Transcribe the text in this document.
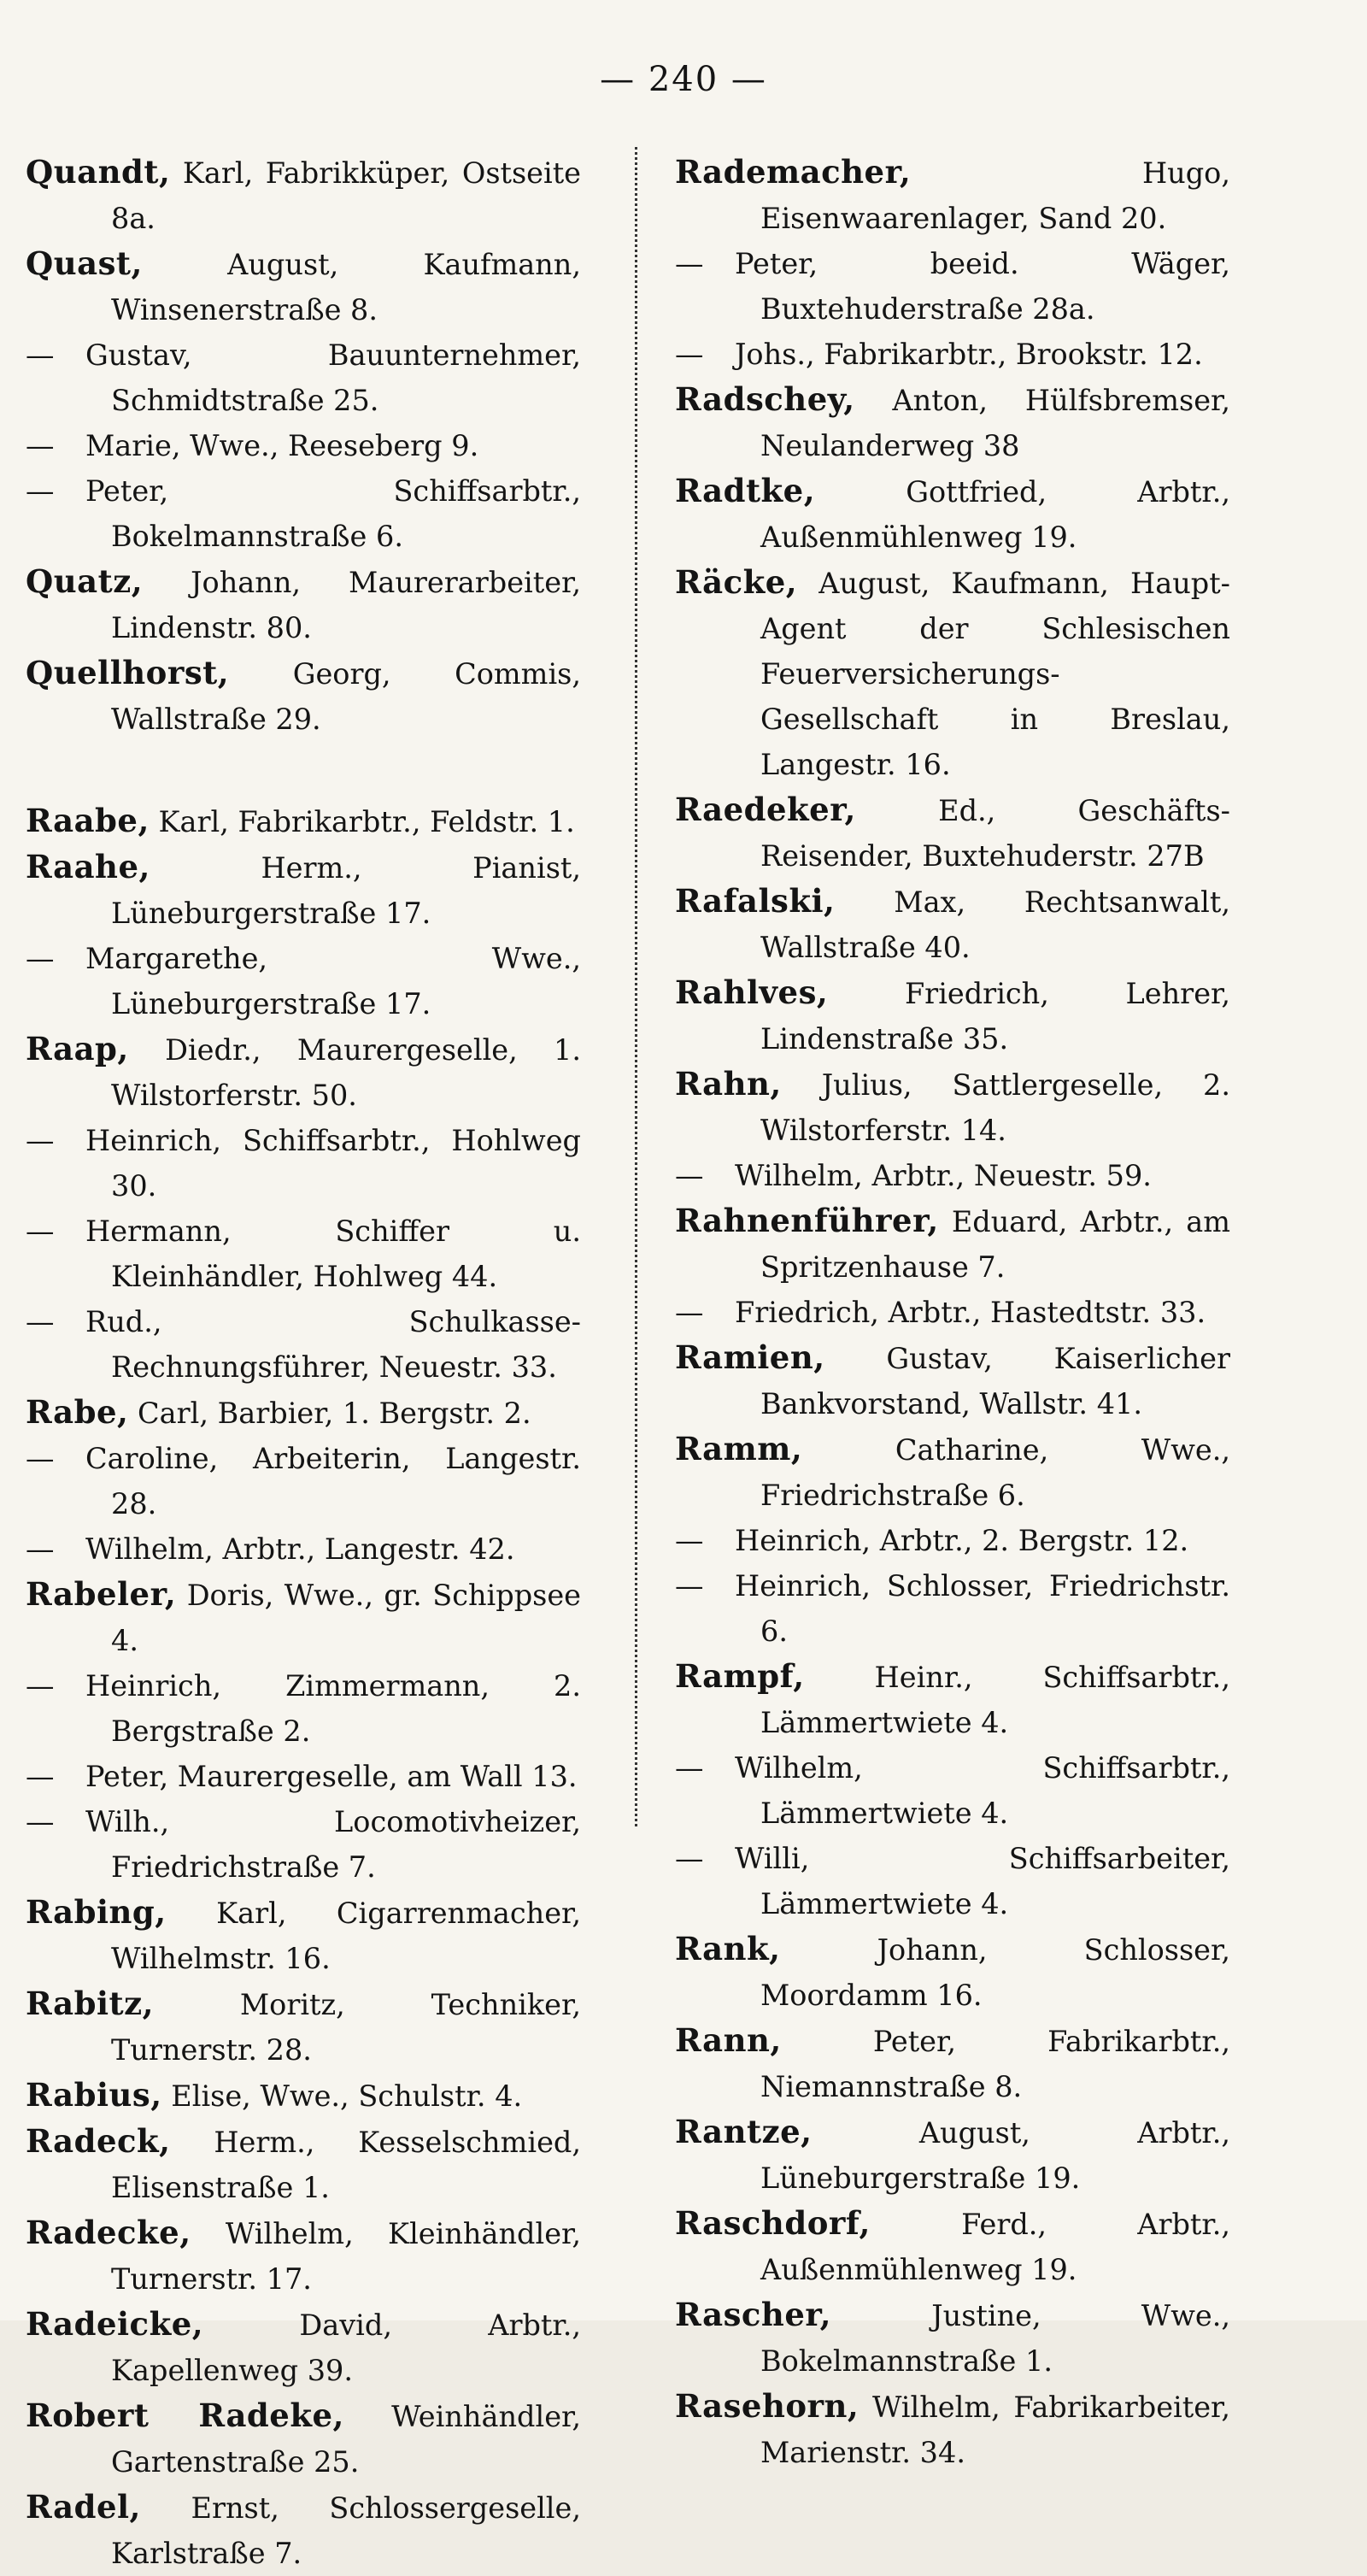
— 240 —

Quandt, Karl, Fabrikküper, Ostseite 8a.

Quast,	August, Kaufmann, Winsenerstraße 8.

— Gustav, Bauunternehmer, Schmidtstraße 25.

— Marie, Wwe., Reeseberg 9.

— Peter, Schiffsarbtr., Bokelmannstraße 6.

Quatz, Johann, Maurerarbeiter, Lindenstr. 80.

Quellhorst, Georg, Commis, Wallstraße 29.

Raabe, Karl, Fabrikarbtr., Feldstr. 1.

Raahe,	Herm., Pianist, Lüneburgerstraße 17.

— Margarethe, Wwe., Lüneburgerstraße 17.

Raap, Diedr., Maurergeselle, 1. Wilstorferstr. 50.

— Heinrich, Schiffsarbtr., Hohlweg 30.

— Hermann, Schiffer u. Kleinhändler, Hohlweg 44.

— Rud., Schulkasse-Rechnungsführer, Neuestr. 33.

Rabe, Carl, Barbier, 1. Bergstr. 2.

— Caroline, Arbeiterin, Langestr. 28.

— Wilhelm, Arbtr., Langestr. 42.

Rabeler, Doris, Wwe., gr. Schippsee 4.

— Heinrich, Zimmermann, 2. Bergstraße 2.

— Peter, Maurergeselle, am Wall 13.

— Wilh., Locomotivheizer, Friedrichstraße 7.

Rabing, Karl, Cigarrenmacher, Wilhelmstr. 16.

Rabitz,	Moritz, Techniker, Turnerstr. 28.

Rabius, Elise, Wwe., Schulstr. 4.

Radeck, Herm., Kesselschmied, Elisenstraße 1.

Radecke, Wilhelm, Kleinhändler, Turnerstr. 17.

Radeicke,	David, Arbtr., Kapellenweg 39.

Robert Radeke, Weinhändler, Gartenstraße 25.

Radel, Ernst, Schlossergeselle, Karlstraße 7.

Rademacher,	Hugo, Eisenwaarenlager, Sand 20.

— Peter, beeid. Wäger, Buxtehuderstraße 28a.

— Johs., Fabrikarbtr., Brookstr. 12.

Radschey, Anton, Hülfsbremser, Neulanderweg 38

Radtke,	Gottfried, Arbtr., Außenmühlenweg 19.

Räcke, August, Kaufmann, Haupt-Agent der Schlesischen Feuerversicherungs-Gesellschaft in Breslau, Langestr. 16.

Raedeker,	Ed., Geschäfts-Reisender, Buxtehuderstr. 27B

Rafalski, Max, Rechtsanwalt, Wallstraße 40.

Rahlves,	Friedrich, Lehrer, Lindenstraße 35.

Rahn, Julius, Sattlergeselle, 2. Wilstorferstr. 14.

— Wilhelm, Arbtr., Neuestr. 59.

Rahnenführer, Eduard, Arbtr., am Spritzenhause 7.

— Friedrich, Arbtr., Hastedtstr. 33.

Ramien, Gustav, Kaiserlicher Bankvorstand, Wallstr. 41.

Ramm,	Catharine, Wwe., Friedrichstraße 6.

— Heinrich, Arbtr., 2. Bergstr. 12.

— Heinrich, Schlosser, Friedrichstr. 6.

Rampf, Heinr., Schiffsarbtr., Lämmertwiete 4.

— Wilhelm, Schiffsarbtr., Lämmertwiete 4.

— Willi, Schiffsarbeiter, Lämmertwiete 4.

Rank,	Johann, Schlosser, Moordamm 16.

Rann,	Peter, Fabrikarbtr., Niemannstraße 8.

Rantze,	August, Arbtr., Lüneburgerstraße 19.

Raschdorf,	Ferd., Arbtr., Außenmühlenweg 19.

Rascher,	Justine, Wwe., Bokelmannstraße 1.

Rasehorn, Wilhelm, Fabrikarbeiter, Marienstr. 34.
